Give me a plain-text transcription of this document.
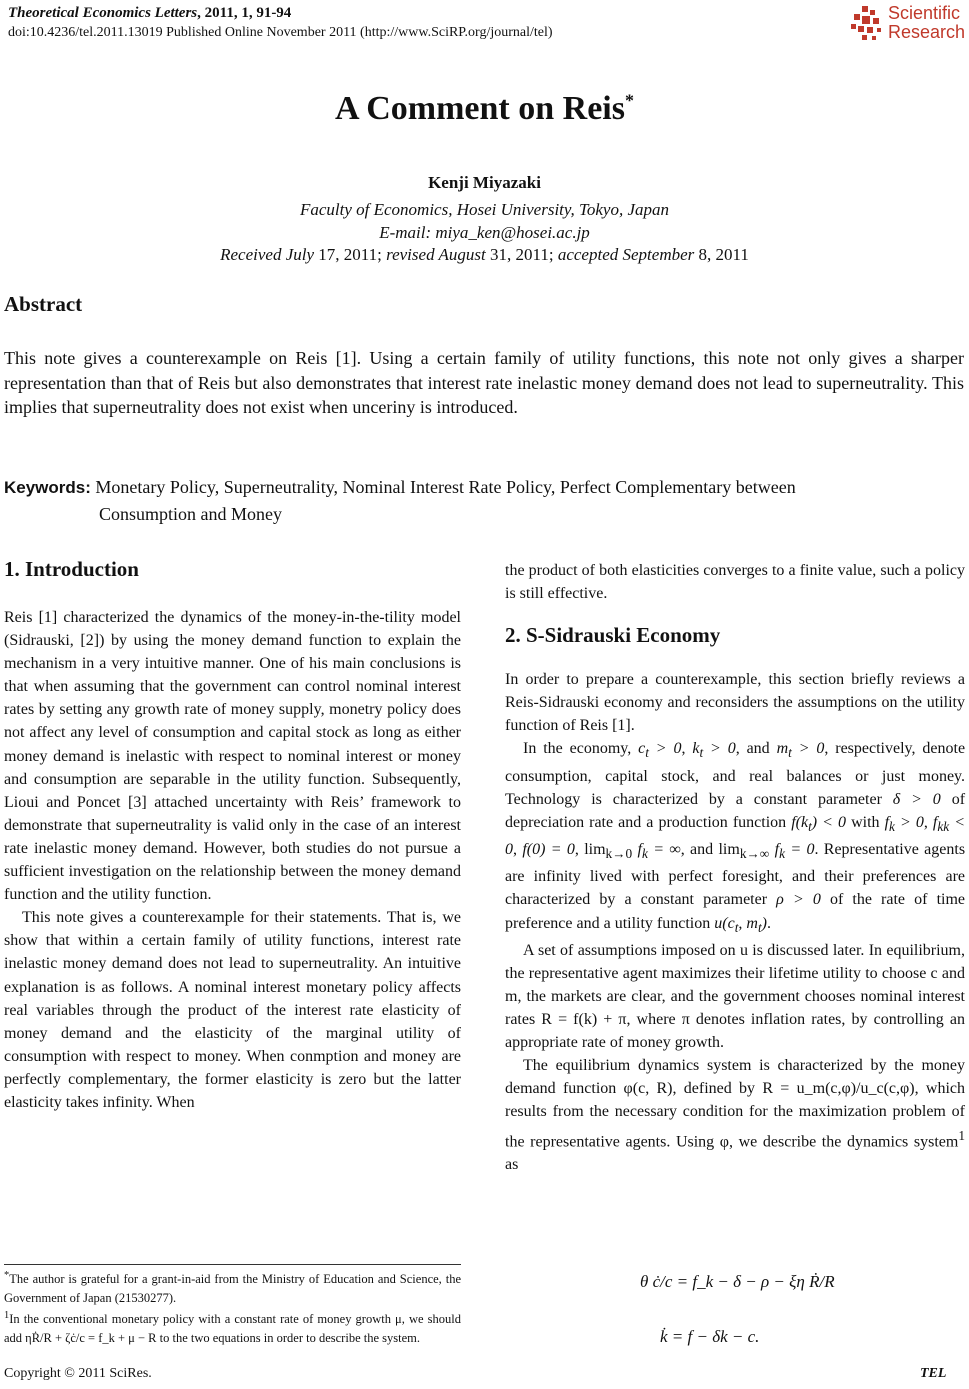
Theoretical Economics Letters, 2011, 1, 91-94
doi:10.4236/tel.2011.13019 Published Online November 2011 (http://www.SciRP.org/journal/tel)
Scientific
Research
A Comment on Reis*
Kenji Miyazaki
Faculty of Economics, Hosei University, Tokyo, Japan
E-mail: miya_ken@hosei.ac.jp
Received July 17, 2011; revised August 31, 2011; accepted September 8, 2011
Abstract
This note gives a counterexample on Reis [1]. Using a certain family of utility functions, this note not only gives a sharper representation than that of Reis but also demonstrates that interest rate inelastic money demand does not lead to superneutrality. This implies that superneutrality does not exist when unceriny is introduced.
Keywords: Monetary Policy, Superneutrality, Nominal Interest Rate Policy, Perfect Complementary between
Consumption and Money
1. Introduction

Reis [1] characterized the dynamics of the money-in-the-tility model (Sidrauski, [2]) by using the money demand function to explain the mechanism in a very intuitive manner. One of his main conclusions is that when assuming that the government can control nominal interest rates by setting any growth rate of money supply, monetry policy does not affect any level of consumption and capital stock as long as either money demand is inelastic with respect to nominal interest or money and consumption are separable in the utility function. Subsequently, Lioui and Poncet [3] attached uncertainty with Reis’ framework to demonstrate that superneutrality is valid only in the case of an interest rate inelastic money demand. However, both studies do not pursue a sufficient investigation on the relationship between the money demand function and the utility function.

This note gives a counterexample for their statements. That is, we show that within a certain family of utility functions, interest rate inelastic money demand does not lead to superneutrality. An intuitive explanation is as follows. A nominal interest monetary policy affects real variables through the product of the interest rate elasticity of money demand and the elasticity of the marginal utility of consumption with respect to money. When conmption and money are perfectly complementary, the former elasticity is zero but the latter elasticity takes infinity. When

*The author is grateful for a grant-in-aid from the Ministry of Education and Science, the Government of Japan (21530277).
$^1$In the conventional monetary policy with a constant rate of money growth μ, we should add ηṘ/R + ζċ/c = f_k + μ − R to the two equations in order to describe the system.
the product of both elasticities converges to a finite value, such a policy is still effective.
2. S-Sidrauski Economy

In order to prepare a counterexample, this section briefly reviews a Reis-Sidrauski economy and reconsiders the assumptions on the utility function of Reis [1].

In the economy, $c_t > 0$, $k_t > 0$, and $m_t > 0$, respectively, denote consumption, capital stock, and real balances or just money. Technology is characterized by a constant parameter δ > 0 of depreciation rate and a production function $f(k_t) < 0$ with $f_k > 0$, $f_{kk} < 0$, f(0) = 0, $\lim_{k\to 0} f_k$ = ∞, and $\lim_{k\to\infty} f_k = 0$. Representative agents are infinity lived with perfect foresight, and their preferences are characterized by a constant parameter ρ > 0 of the rate of time preference and a utility function $u(c_t$, $m_t$).

A set of assumptions imposed on u is discussed later. In equilibrium, the representative agent maximizes their lifetime utility to choose c and m, the markets are clear, and the government chooses nominal interest rates R = f(k) + π, where π denotes inflation rates, by controlling an appropriate rate of money growth.

The equilibrium dynamics system is characterized by the money demand function φ(c, R), defined by R = u_m(c,φ)/u_c(c,φ), which results from the necessary condition for the maximization problem of the representative agents. Using φ, we describe the dynamics system$^1$ as

θ ċ/c = f_k − δ − ρ − ξη Ṙ/R
k̇ = f − δk − c.
Copyright © 2011 SciRes.	TEL
